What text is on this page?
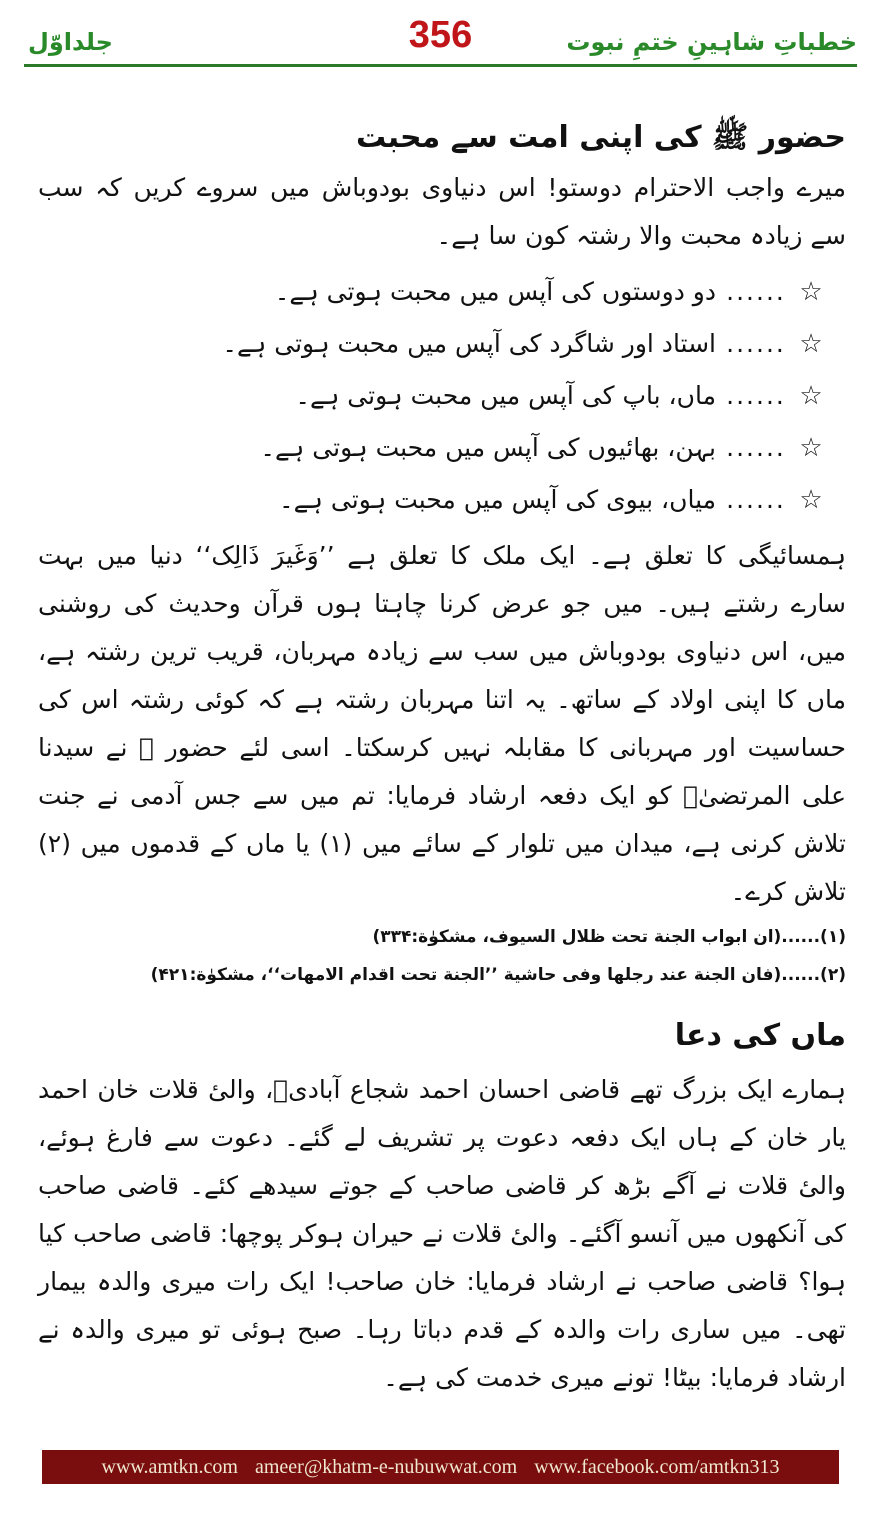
جلداوّل	356	خطباتِ شاہینِ ختمِ نبوت
حضور ﷺ کی اپنی امت سے محبت

میرے واجب الاحترام دوستو! اس دنیاوی بودوباش میں سروے کریں کہ سب سے زیادہ محبت والا رشتہ کون سا ہے۔

☆
......
دو دوستوں کی آپس میں محبت ہوتی ہے۔
☆
......
استاد اور شاگرد کی آپس میں محبت ہوتی ہے۔
☆
......
ماں، باپ کی آپس میں محبت ہوتی ہے۔
☆
......
بہن، بھائیوں کی آپس میں محبت ہوتی ہے۔
☆
......
میاں، بیوی کی آپس میں محبت ہوتی ہے۔

ہمسائیگی کا تعلق ہے۔ ایک ملک کا تعلق ہے ’’وَغَیرَ ذَالِک‘‘ دنیا میں بہت سارے رشتے ہیں۔ میں جو عرض کرنا چاہتا ہوں قرآن وحدیث کی روشنی میں، اس دنیاوی بودوباش میں سب سے زیادہ مہربان، قریب ترین رشتہ ہے، ماں کا اپنی اولاد کے ساتھ۔ یہ اتنا مہربان رشتہ ہے کہ کوئی رشتہ اس کی حساسیت اور مہربانی کا مقابلہ نہیں کرسکتا۔ اسی لئے حضور ﷺ نے سیدنا علی المرتضیٰؓ کو ایک دفعہ ارشاد فرمایا: تم میں سے جس آدمی نے جنت تلاش کرنی ہے، میدان میں تلوار کے سائے میں (۱) یا ماں کے قدموں میں (۲) تلاش کرے۔

(۱)......(ان ابواب الجنة تحت ظلال السیوف، مشکوٰة:۳۳۴)

(۲)......(فان الجنة عند رجلها وفی حاشیة ’’الجنة تحت اقدام الامھات‘‘، مشکوٰة:۴۲۱)

ماں کی دعا

ہمارے ایک بزرگ تھے قاضی احسان احمد شجاع آبادیؒ، والیٔ قلات خان احمد یار خان کے ہاں ایک دفعہ دعوت پر تشریف لے گئے۔ دعوت سے فارغ ہوئے، والیٔ قلات نے آگے بڑھ کر قاضی صاحب کے جوتے سیدھے کئے۔ قاضی صاحب کی آنکھوں میں آنسو آگئے۔ والیٔ قلات نے حیران ہوکر پوچھا: قاضی صاحب کیا ہوا؟ قاضی صاحب نے ارشاد فرمایا: خان صاحب! ایک رات میری والدہ بیمار تھی۔ میں ساری رات والدہ کے قدم دباتا رہا۔ صبح ہوئی تو میری والدہ نے ارشاد فرمایا: بیٹا! تونے میری خدمت کی ہے۔

www.amtkn.com ameer@khatm-e-nubuwwat.com www.facebook.com/amtkn313
